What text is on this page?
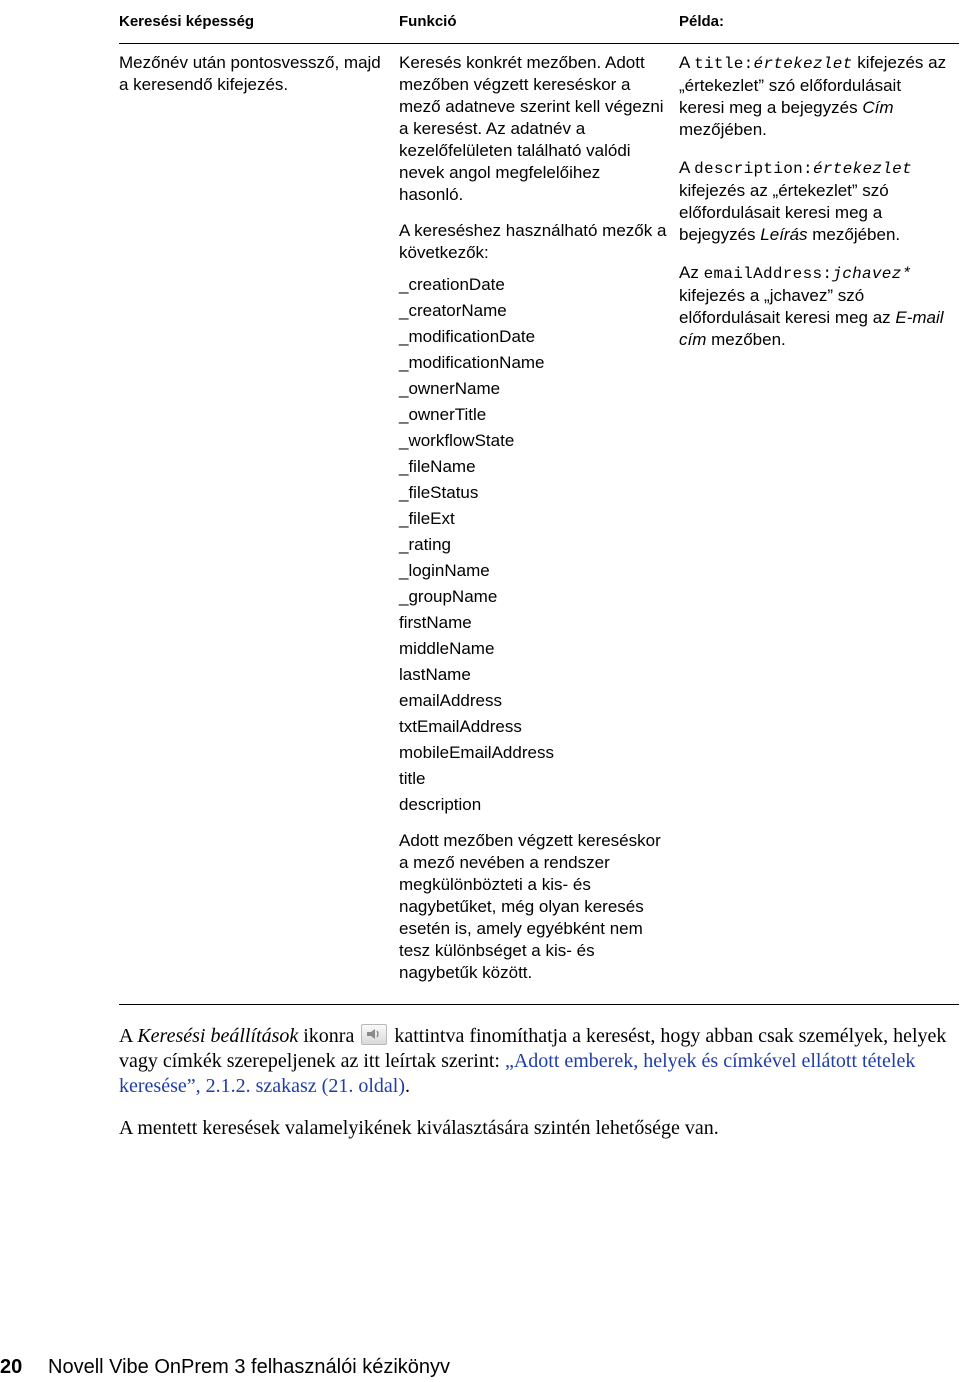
Keresési képesség	Funkció	Példa:

Mezőnév után pontosvessző, majd a keresendő kifejezés.

Keresés konkrét mezőben. Adott mezőben végzett kereséskor a mező adatneve szerint kell végezni a keresést. Az adatnév a kezelőfelületen található valódi nevek angol megfelelőihez hasonló.

A kereséshez használható mezők a következők:

_creationDate
_creatorName
_modificationDate
_modificationName
_ownerName
_ownerTitle
_workflowState
_fileName
_fileStatus
_fileExt
_rating
_loginName
_groupName
firstName
middleName
lastName
emailAddress
txtEmailAddress
mobileEmailAddress
title
description

Adott mezőben végzett kereséskor a mező nevében a rendszer megkülönbözteti a kis- és nagybetűket, még olyan keresés esetén is, amely egyébként nem tesz különbséget a kis- és nagybetűk között.

A title:értekezlet kifejezés az „értekezlet” szó előfordulásait keresi meg a bejegyzés Cím mezőjében.

A description:értekezlet kifejezés az „értekezlet” szó előfordulásait keresi meg a bejegyzés Leírás mezőjében.

Az emailAddress:jchavez* kifejezés a „jchavez” szó előfordulásait keresi meg az E-mail cím mezőben.

A Keresési beállítások ikonra
kattintva finomíthatja a keresést, hogy abban csak személyek, helyek vagy címkék szerepeljenek az itt leírtak szerint: „Adott emberek, helyek és címkével ellátott tételek keresése”, 2.1.2. szakasz (21. oldal).
A mentett keresések valamelyikének kiválasztására szintén lehetősége van.
20 Novell Vibe OnPrem 3 felhasználói kézikönyv
